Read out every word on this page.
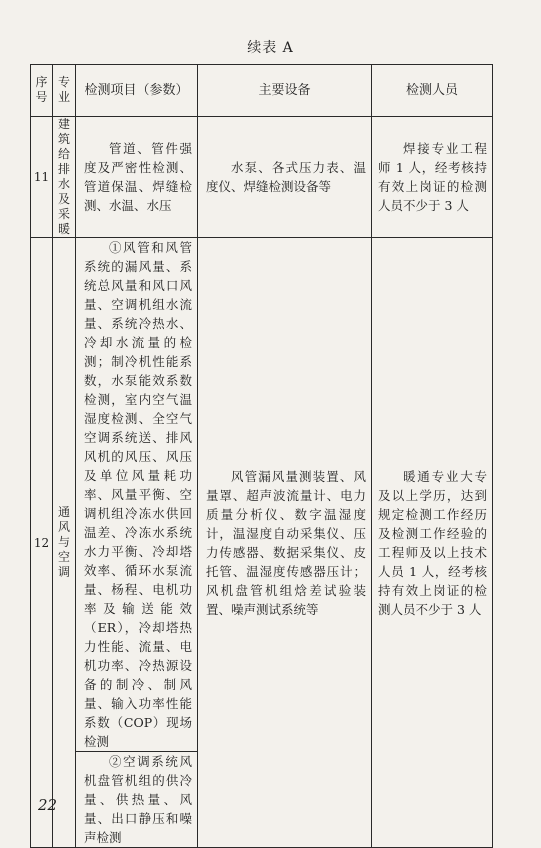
续表 A
序号	专业	检测项目（参数）	主要设备	检测人员
11	建筑给排水及采暖	管道、管件强度及严密性检测、管道保温、焊缝检测、水温、水压	水泵、各式压力表、温度仪、焊缝检测设备等	焊接专业工程师 1 人，经考核持有效上岗证的检测人员不少于 3 人
12	通风与空调	①风管和风管系统的漏风量、系统总风量和风口风量、空调机组水流量、系统冷热水、冷却水流量的检测；制冷机性能系数，水泵能效系数检测，室内空气温湿度检测、全空气空调系统送、排风风机的风压、风压及单位风量耗功率、风量平衡、空调机组冷冻水供回温差、冷冻水系统水力平衡、冷却塔效率、循环水泵流量、杨程、电机功率及输送能效（ER），冷却塔热力性能、流量、电机功率、冷热源设备的制冷、制风量、输入功率性能系数（COP）现场检测	风管漏风量测装置、风量罩、超声波流量计、电力质量分析仪、数字温湿度计，温湿度自动采集仪、压力传感器、数据采集仪、皮托管、温湿度传感器压计；风机盘管机组焓差试验装置、噪声测试系统等	暖通专业大专及以上学历，达到规定检测工作经历及检测工作经验的工程师及以上技术人员 1 人，经考核持有效上岗证的检测人员不少于 3 人
		②空调系统风机盘管机组的供冷量、供热量、风量、出口静压和噪声检测		
22
